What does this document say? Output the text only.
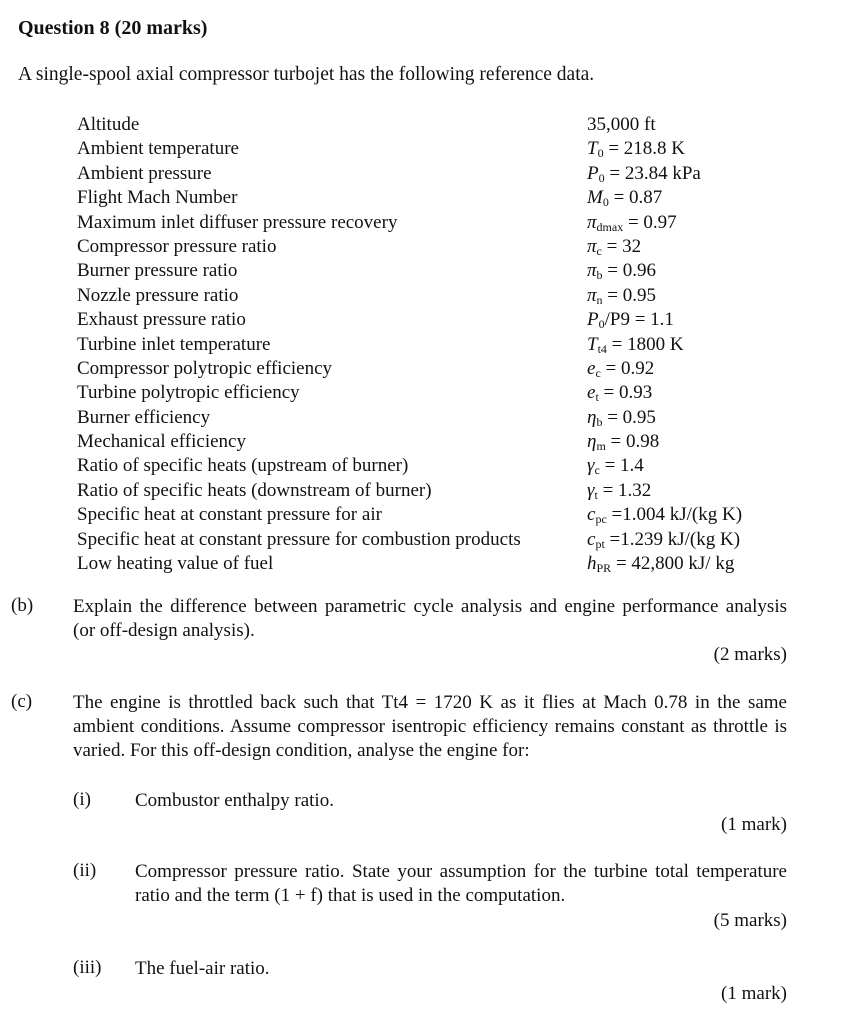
Question 8 (20 marks)
A single-spool axial compressor turbojet has the following reference data.
Altitude	35,000 ft
Ambient temperature	$T_0 = 218.8$ K
Ambient pressure	$P_0 = 23.84$ kPa
Flight Mach Number	$M_0 = 0.87$
Maximum inlet diffuser pressure recovery	$\pi_{dmax} = 0.97$
Compressor pressure ratio	$\pi_c = 32$
Burner pressure ratio	$\pi_b = 0.96$
Nozzle pressure ratio	$\pi_n = 0.95$
Exhaust pressure ratio	$P_0/P9 = 1.1$
Turbine inlet temperature	$T_{t4} = 1800$ K
Compressor polytropic efficiency	$e_c = 0.92$
Turbine polytropic efficiency	$e_t = 0.93$
Burner efficiency	$\eta_b = 0.95$
Mechanical efficiency	$\eta_m = 0.98$
Ratio of specific heats (upstream of burner)	$\gamma_c = 1.4$
Ratio of specific heats (downstream of burner)	$\gamma_t = 1.32$
Specific heat at constant pressure for air	$c_{pc} =1.004$ kJ/(kg K)
Specific heat at constant pressure for combustion products	$c_{pt} =1.239$ kJ/(kg K)
Low heating value of fuel	$h_{PR} = 42,800$ kJ/ kg
(b) Explain the difference between parametric cycle analysis and engine performance analysis (or off-design analysis).
(2 marks)
(c) The engine is throttled back such that Tt4 = 1720 K as it flies at Mach 0.78 in the same ambient conditions. Assume compressor isentropic efficiency remains constant as throttle is varied. For this off-design condition, analyse the engine for:
(i) Combustor enthalpy ratio.
(1 mark)
(ii) Compressor pressure ratio. State your assumption for the turbine total temperature ratio and the term (1 + f) that is used in the computation.
(5 marks)
(iii) The fuel-air ratio.
(1 mark)
